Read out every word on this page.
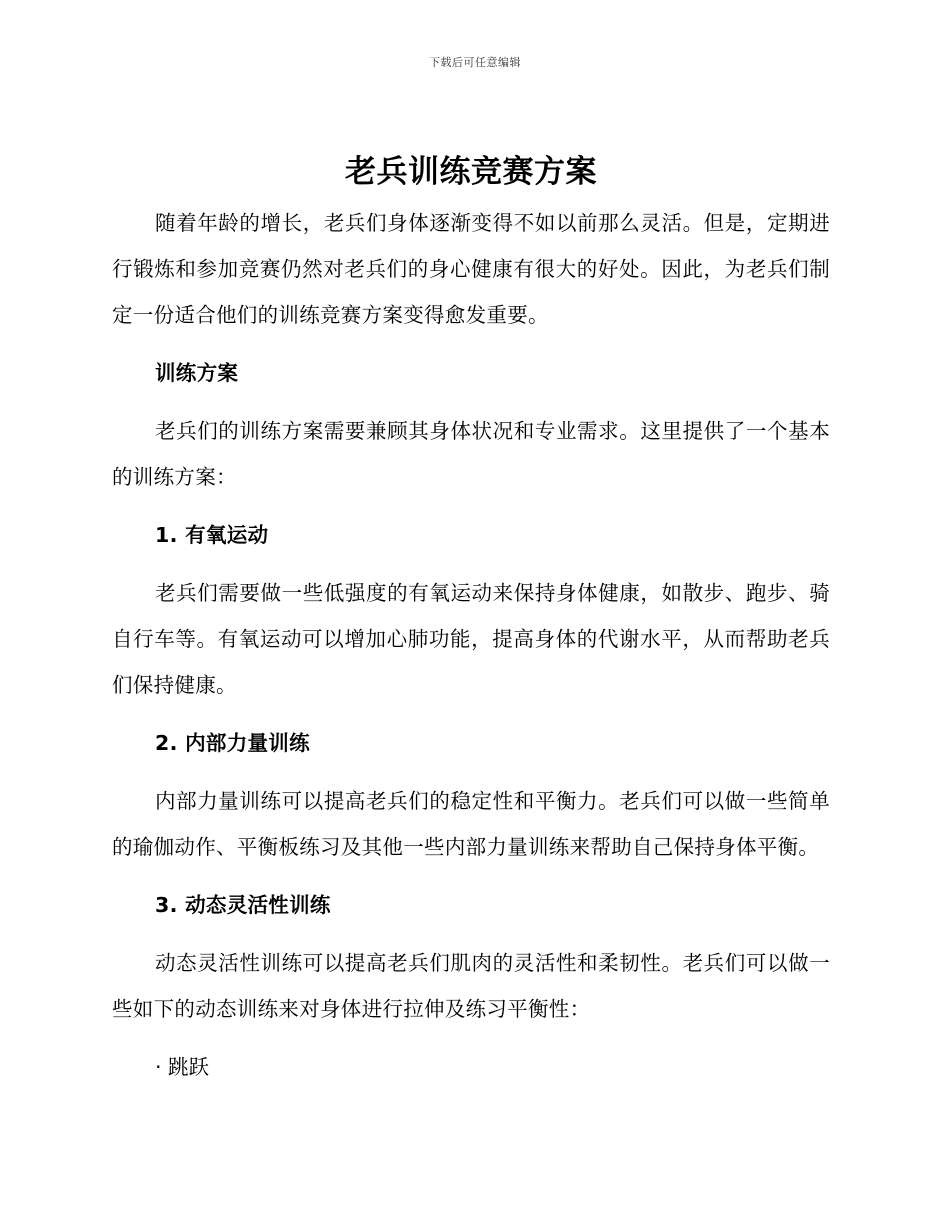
下载后可任意编辑
老兵训练竞赛方案

随着年龄的增长，老兵们身体逐渐变得不如以前那么灵活。但是，定期进行锻炼和参加竞赛仍然对老兵们的身心健康有很大的好处。因此，为老兵们制定一份适合他们的训练竞赛方案变得愈发重要。

训练方案

老兵们的训练方案需要兼顾其身体状况和专业需求。这里提供了一个基本的训练方案：

1. 有氧运动

老兵们需要做一些低强度的有氧运动来保持身体健康，如散步、跑步、骑自行车等。有氧运动可以增加心肺功能，提高身体的代谢水平，从而帮助老兵们保持健康。

2. 内部力量训练

内部力量训练可以提高老兵们的稳定性和平衡力。老兵们可以做一些简单的瑜伽动作、平衡板练习及其他一些内部力量训练来帮助自己保持身体平衡。

3. 动态灵活性训练

动态灵活性训练可以提高老兵们肌肉的灵活性和柔韧性。老兵们可以做一些如下的动态训练来对身体进行拉伸及练习平衡性：

· 跳跃
